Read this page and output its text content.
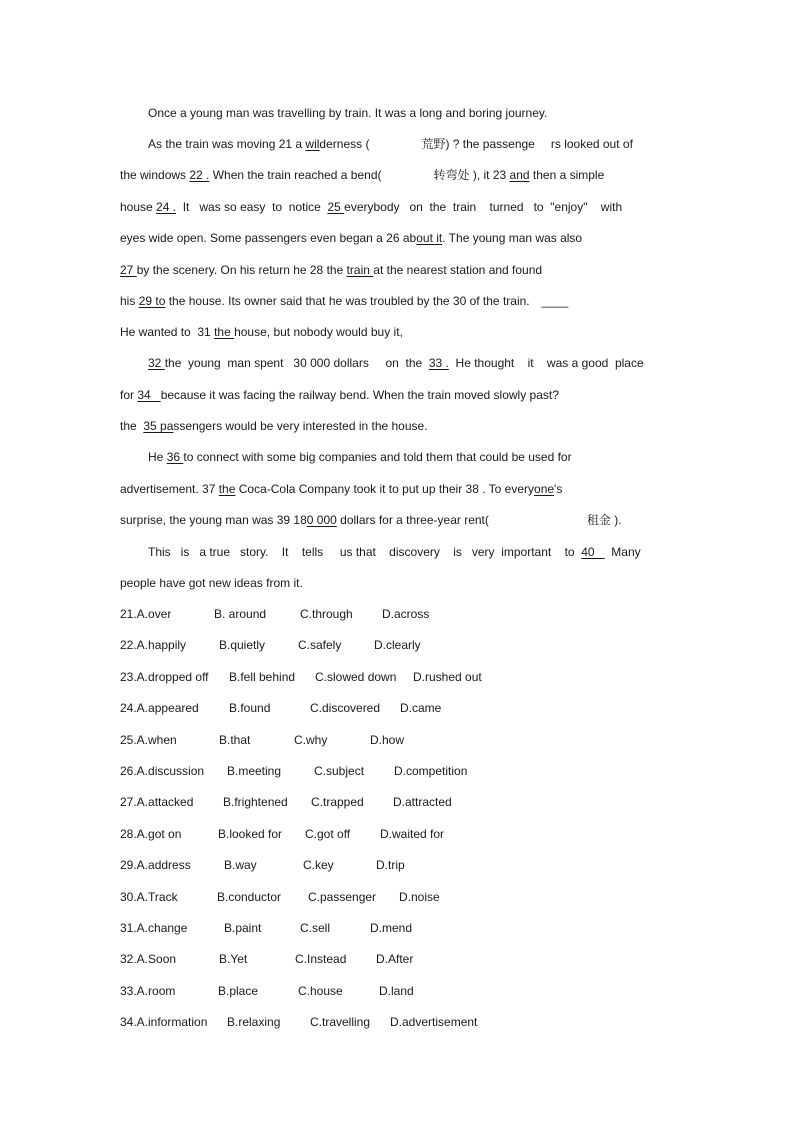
Once a young man was travelling by train. It was a long and boring journey.
As the train was moving 21 a wilderness (	荒野) ? the passenge rs looked out of
the windows 22 . When the train reached a bend(	转弯处 ), it 23 and then a simple
house 24 .  It   was so easy  to  notice  25 everybody   on  the  train    turned   to  "enjoy"    with
eyes wide open. Some passengers even began a 26 about it. The young man was also
27 by the scenery. On his return he 28 the train at the nearest station and found
his 29 to the house. Its owner said that he was troubled by the 30 of the train. ____
He wanted to  31 the house, but nobody would buy it,
32 the  young  man spent   30 000 dollars     on  the  33 .  He thought    it    was a good  place
for 34   because it was facing the railway bend. When the train moved slowly past?
the  35 passengers would be very interested in the house.
He 36 to connect with some big companies and told them that could be used for
advertisement. 37 the Coca-Cola Company took it to put up their 38 . To everyone's
surprise, the young man was 39 180 000 dollars for a three-year rent(	租金 ).
This   is   a true   story.    It    tells     us that    discovery    is   very  important    to  40     Many
people have got new ideas from it.
21.A.over	B. around	C.through D.across
22.A.happily	B.quietly	C.safely	D.clearly
23.A.dropped off B.fell behind C.slowed down D.rushed out
24.A.appeared	B.found	C.discovered D.came
25.A.when	B.that	C.why	D.how
26.A.discussion B.meeting	C.subject D.competition
27.A.attacked B.frightened C.trapped D.attracted
28.A.got on	B.looked for C.got off D.waited for
29.A.address	B.way	C.key	D.trip
30.A.Track	B.conductor C.passenger D.noise
31.A.change	B.paint	C.sell	D.mend
32.A.Soon	B.Yet	C.Instead D.After
33.A.room	B.place	C.house	D.land
34.A.information B.relaxing C.travelling D.advertisement
